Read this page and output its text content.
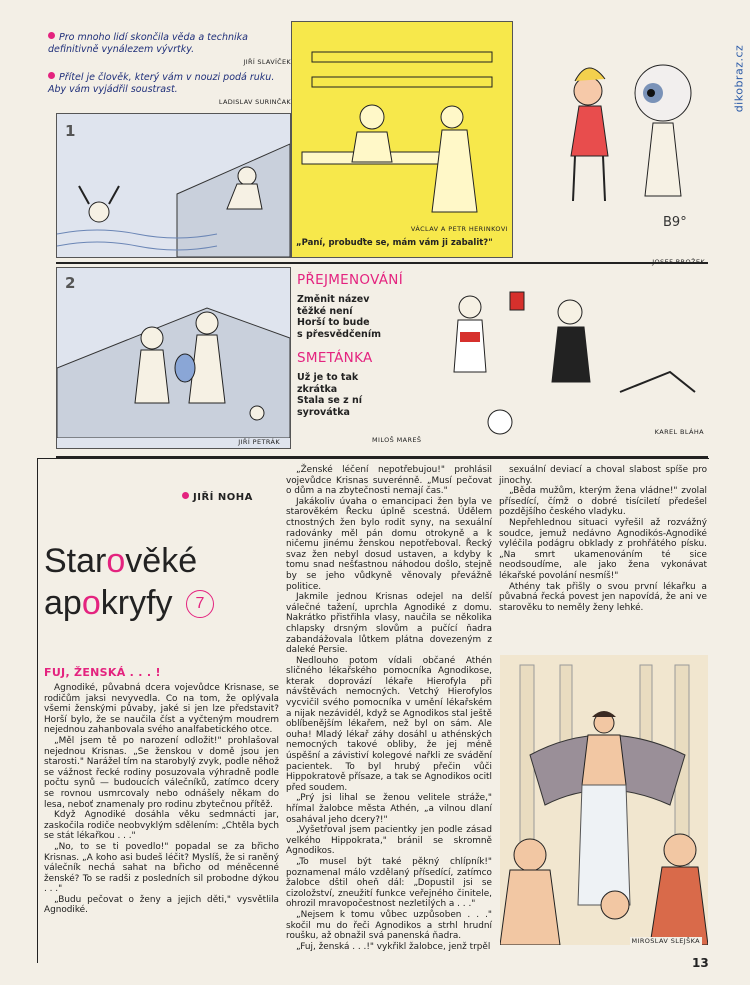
dikobraz.cz
Pro mnoho lidí skončila věda a technika definitivně vynálezem vývrtky.
JIŘÍ SLAVÍČEK
Přítel je člověk, který vám v nouzi podá ruku. Aby vám vyjádřil soustrast.
LADISLAV SURINČAK
1
VÁCLAV A PETR HERINKOVI
„Paní, probuďte se, mám vám ji zabalit?"
B9°
2
JIŘÍ PETRÁK
PŘEJMENOVÁNÍ
Změnit název
těžké není
Horší to bude
s přesvědčením
SMETÁNKA
Už je to tak
zkrátka
Stala se z ní
syrovátka
MILOŠ MAREŠ
KAREL BLÁHA
JIŘÍ NOHA
Starověké
apokryfy 7
FUJ, ŽENSKÁ . . . !

Agnodiké, půvabná dcera vojevůdce Krisnase, se rodičům jaksi nevyvedla. Co na tom, že oplývala všemi ženskými půvaby, jaké si jen lze představit? Horší bylo, že se naučila číst a vyčteným moudrem nejednou zahanbovala svého analfabetického otce.

„Měl jsem tě po narození odložit!" prohlašoval nejednou Krisnas. „Se ženskou v domě jsou jen starosti." Narážel tím na starobylý zvyk, podle něhož se vážnost řecké rodiny posuzovala výhradně podle počtu synů — budoucích válečníků, zatímco dcery se rovnou usmrcovaly nebo odnášely někam do lesa, neboť znamenaly pro rodinu zbytečnou přítěž.

Když Agnodiké dosáhla věku sedmnácti jar, zaskočila rodiče neobvyklým sdělením: „Chtěla bych se stát lékařkou . . ."

„No, to se ti povedlo!" popadal se za břicho Krisnas. „A koho asi budeš léčit? Myslíš, že si raněný válečník nechá sahat na břicho od méněcenné ženské? To se radši z posledních sil probodne dýkou . . ."

„Budu pečovat o ženy a jejich děti," vysvětlila Agnodiké.

„Ženské léčení nepotřebujou!" prohlásil vojevůdce Krisnas suverénně. „Musí pečovat o dům a na zbytečnosti nemají čas."

Jakákoliv úvaha o emancipaci žen byla ve starověkém Řecku úplně scestná. Údělem ctnostných žen bylo rodit syny, na sexuální radovánky měl pán domu otrokyně a k ničemu jinému ženskou nepotřeboval. Řecký svaz žen nebyl dosud ustaven, a kdyby k tomu snad nešťastnou náhodou došlo, stejně by se jeho vůdkyně věnovaly převážně politice.

Jakmile jednou Krisnas odejel na delší válečné tažení, uprchla Agnodiké z domu. Nakrátko přistřihla vlasy, naučila se několika chlapsky drsným slovům a pučící ňadra zabandážovala lůtkem plátna dovezeným z daleké Persie.

Nedlouho potom vídali občané Athén sličného lékařského pomocníka Agnodikose, kterak doprovází lékaře Hierofyla při návštěvách nemocných. Vetchý Hierofylos vycvičil svého pomocníka v umění lékařském a nijak nezávidél, když se Agnodikos stal ještě oblíbenějším lékařem, než byl on sám. Ale ouha! Mladý lékař záhy dosáhl u athénských nemocných takové obliby, že jej méně úspěšní a závistiví kolegové nařkli ze svádění pacientek. To byl hrubý přečin vůči Hippokratově přísaze, a tak se Agnodikos ocitl před soudem.

„Prý jsi lihal se ženou velitele stráže," hřímal žalobce města Athén, „a vilnou dlaní osahával jeho dcery?!"

„Vyšetřoval jsem pacientky jen podle zásad velkého Hippokrata," bránil se skromně Agnodikos.

„To musel být také pěkný chlípník!" poznamenal málo vzdělaný přísedící, zatímco žalobce dštil oheň dál: „Dopustil jsi se cizoložství, zneužití funkce veřejného činitele, ohrozil mravopočestnost nezletilých a . . ."

„Nejsem k tomu vůbec uzpůsoben . . ." skočil mu do řeči Agnodikos a strhl hrudní roušku, až obnažil svá panenská ňadra.

„Fuj, ženská . . .!" vykřikl žalobce, jenž trpěl

sexuální deviací a choval slabost spíše pro jinochy.

„Běda mužům, kterým žena vládne!" zvolal přísedící, čímž o dobré tisíciletí předešel pozdějšího českého vladyku.

Nepřehlednou situaci vyřešil až rozvážný soudce, jemuž nedávno Agnodikós-Agnodiké vyléčila podágru obklady z prohřátého písku. „Na smrt ukamenováním té sice neodsoudíme, ale jako žena vykonávat lékařské povolání nesmíš!"

Athény tak přišly o svou první lékařku a půvabná řecká povest jen napovídá, že ani ve starověku to neměly ženy lehké.

MIROSLAV SLEJŠKA
13
